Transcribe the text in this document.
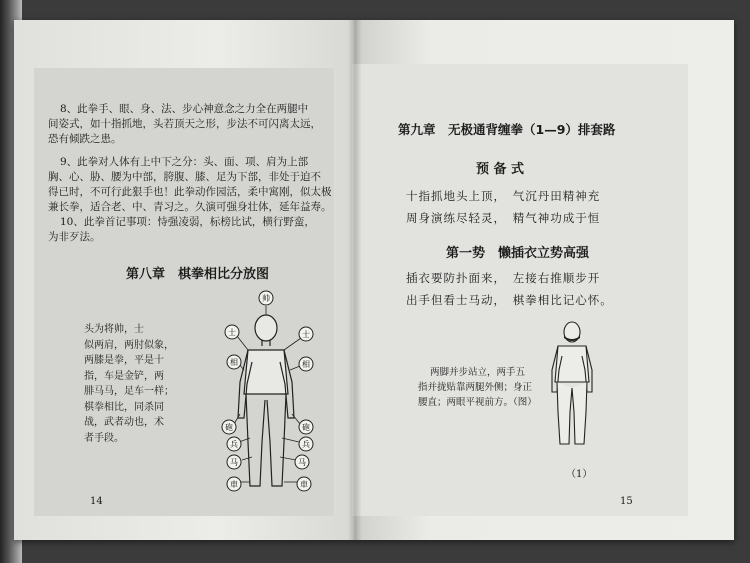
8、此拳手、眼、身、法、步心神意念之力全在两腿中
间姿式，如十指抓地，头若顶天之形，步法不可闪离太远，
恐有倾跌之患。
9、此拳对人体有上中下之分：头、面、项、肩为上部
胸、心、胁、腰为中部，胯腹、膝、足为下部，非处于迫不
得已时，不可行此狠手也！此拳动作园活，柔中寓刚，似太极
兼长拳，适合老、中、青习之。久演可强身壮体，延年益寿。
10、此拳首记事项：恃强凌弱，标榜比试，横行野蛮，
为非歹法。
第八章　棋拳相比分放图
头为将帅，士
似两肩，两肘似象，
两膝是拳，平是十
指，车是金铲，两
腓马马，足车一样；
棋拳相比，同杀同
战，武者动也，术
者手段。
帅
士	士
相	相
砲	砲
兵	兵
马	马
車	車
14
第九章　无极通背缠拳（1—9）排套路
预 备 式
十指抓地头上顶，　气沉丹田精神充
周身演练尽轻灵，　精气神功成于恒
第一势　懒插衣立势高强
插衣要防扑面来，　左接右推顺步开
出手但看士马动，　棋拳相比记心怀。
两脚并步站立，两手五
指并拢贴靠两腿外侧；身正
腰直；两眼平视前方。（图）
（1）
15
